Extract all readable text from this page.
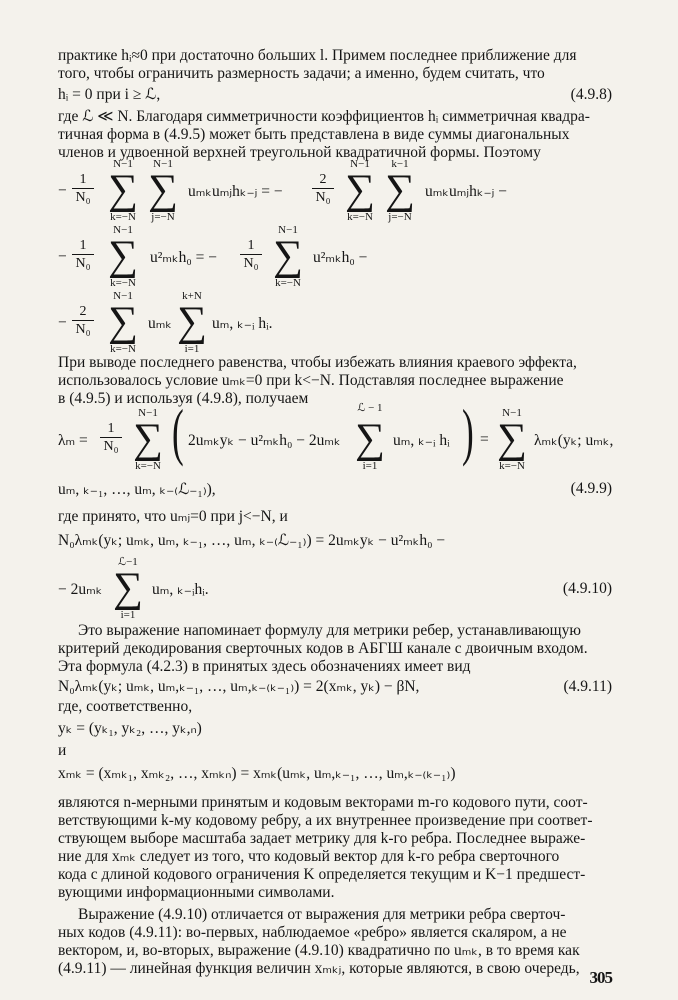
практике hᵢ≈0 при достаточно больших l. Примем последнее приближение для
того, чтобы ограничить размерность задачи; а именно, будем считать, что
hᵢ = 0 при i ≥ ℒ,	(4.9.8)
где ℒ ≪ N. Благодаря симметричности коэффициентов hᵢ симметричная квадра-
тичная форма в (4.9.5) может быть представлена в виде суммы диагональных
членов и удвоенной верхней треугольной квадратичной формы. Поэтому
− $\frac{1}{\text{N₀}}$
N−1
∑
k=−N
N−1
∑
j=−N
uₘₖuₘⱼhₖ₋ⱼ = − $\frac{2}{\text{N₀}}$
N−1
∑
k=−N
k−1
∑
j=−N
uₘₖuₘⱼhₖ₋ⱼ −
− $\frac{1}{\text{N₀}}$
N−1
∑
k=−N
u²ₘₖh₀ = − $\frac{1}{\text{N₀}}$
N−1
∑
k=−N
u²ₘₖh₀ −
− $\frac{2}{\text{N₀}}$
N−1
∑
k=−N
uₘₖ
k+N
∑
i=1
uₘ, ₖ₋ᵢ hᵢ.
При выводе последнего равенства, чтобы избежать влияния краевого эффекта,
использовалось условие uₘₖ=0 при k<−N. Подставляя последнее выражение
в (4.9.5) и используя (4.9.8), получаем
$\lambda_m = \frac{1}{\text{N₀}}$
N−1
∑
k=−N ( 2uₘₖyₖ − u²ₘₖh₀ − 2uₘₖ
ℒ − 1
∑
i=1
uₘ, ₖ₋ᵢ hᵢ ) =
N−1
∑
k=−N
λₘₖ(yₖ; uₘₖ,
uₘ, ₖ₋₁, …, uₘ, ₖ₋₍ℒ₋₁₎),	(4.9.9)
где принято, что uₘⱼ=0 при j<−N, и
N₀λₘₖ(yₖ; uₘₖ, uₘ, ₖ₋₁, …, uₘ, ₖ₋₍ℒ₋₁₎) = 2uₘₖyₖ − u²ₘₖh₀ −
− 2uₘₖ
ℒ−1
∑
i=1
uₘ, ₖ₋ᵢhᵢ.	(4.9.10)
Это выражение напоминает формулу для метрики ребер, устанавливающую
критерий декодирования сверточных кодов в АБГШ канале с двоичным входом.
Эта формула (4.2.3) в принятых здесь обозначениях имеет вид
N₀λₘₖ(yₖ; uₘₖ, uₘ,ₖ₋₁, …, uₘ,ₖ₋₍ₖ₋₁₎) = 2(xₘₖ, yₖ) − βN,	(4.9.11)
где, соответственно,
yₖ = (yₖ₁, yₖ₂, …, yₖ,ₙ)
и
xₘₖ = (xₘₖ₁, xₘₖ₂, …, xₘₖₙ) = xₘₖ(uₘₖ, uₘ,ₖ₋₁, …, uₘ,ₖ₋₍ₖ₋₁₎)
являются n-мерными принятым и кодовым векторами m-го кодового пути, соот-
ветствующими k-му кодовому ребру, а их внутреннее произведение при соответ-
ствующем выборе масштаба задает метрику для k-го ребра. Последнее выраже-
ние для xₘₖ следует из того, что кодовый вектор для k-го ребра сверточного
кода с длиной кодового ограничения K определяется текущим и K−1 предшест-
вующими информационными символами.
Выражение (4.9.10) отличается от выражения для метрики ребра сверточ-
ных кодов (4.9.11): во-первых, наблюдаемое «ребро» является скаляром, а не
вектором, и, во-вторых, выражение (4.9.10) квадратично по uₘₖ, в то время как
(4.9.11) — линейная функция величин xₘₖⱼ, которые являются, в свою очередь, 305
